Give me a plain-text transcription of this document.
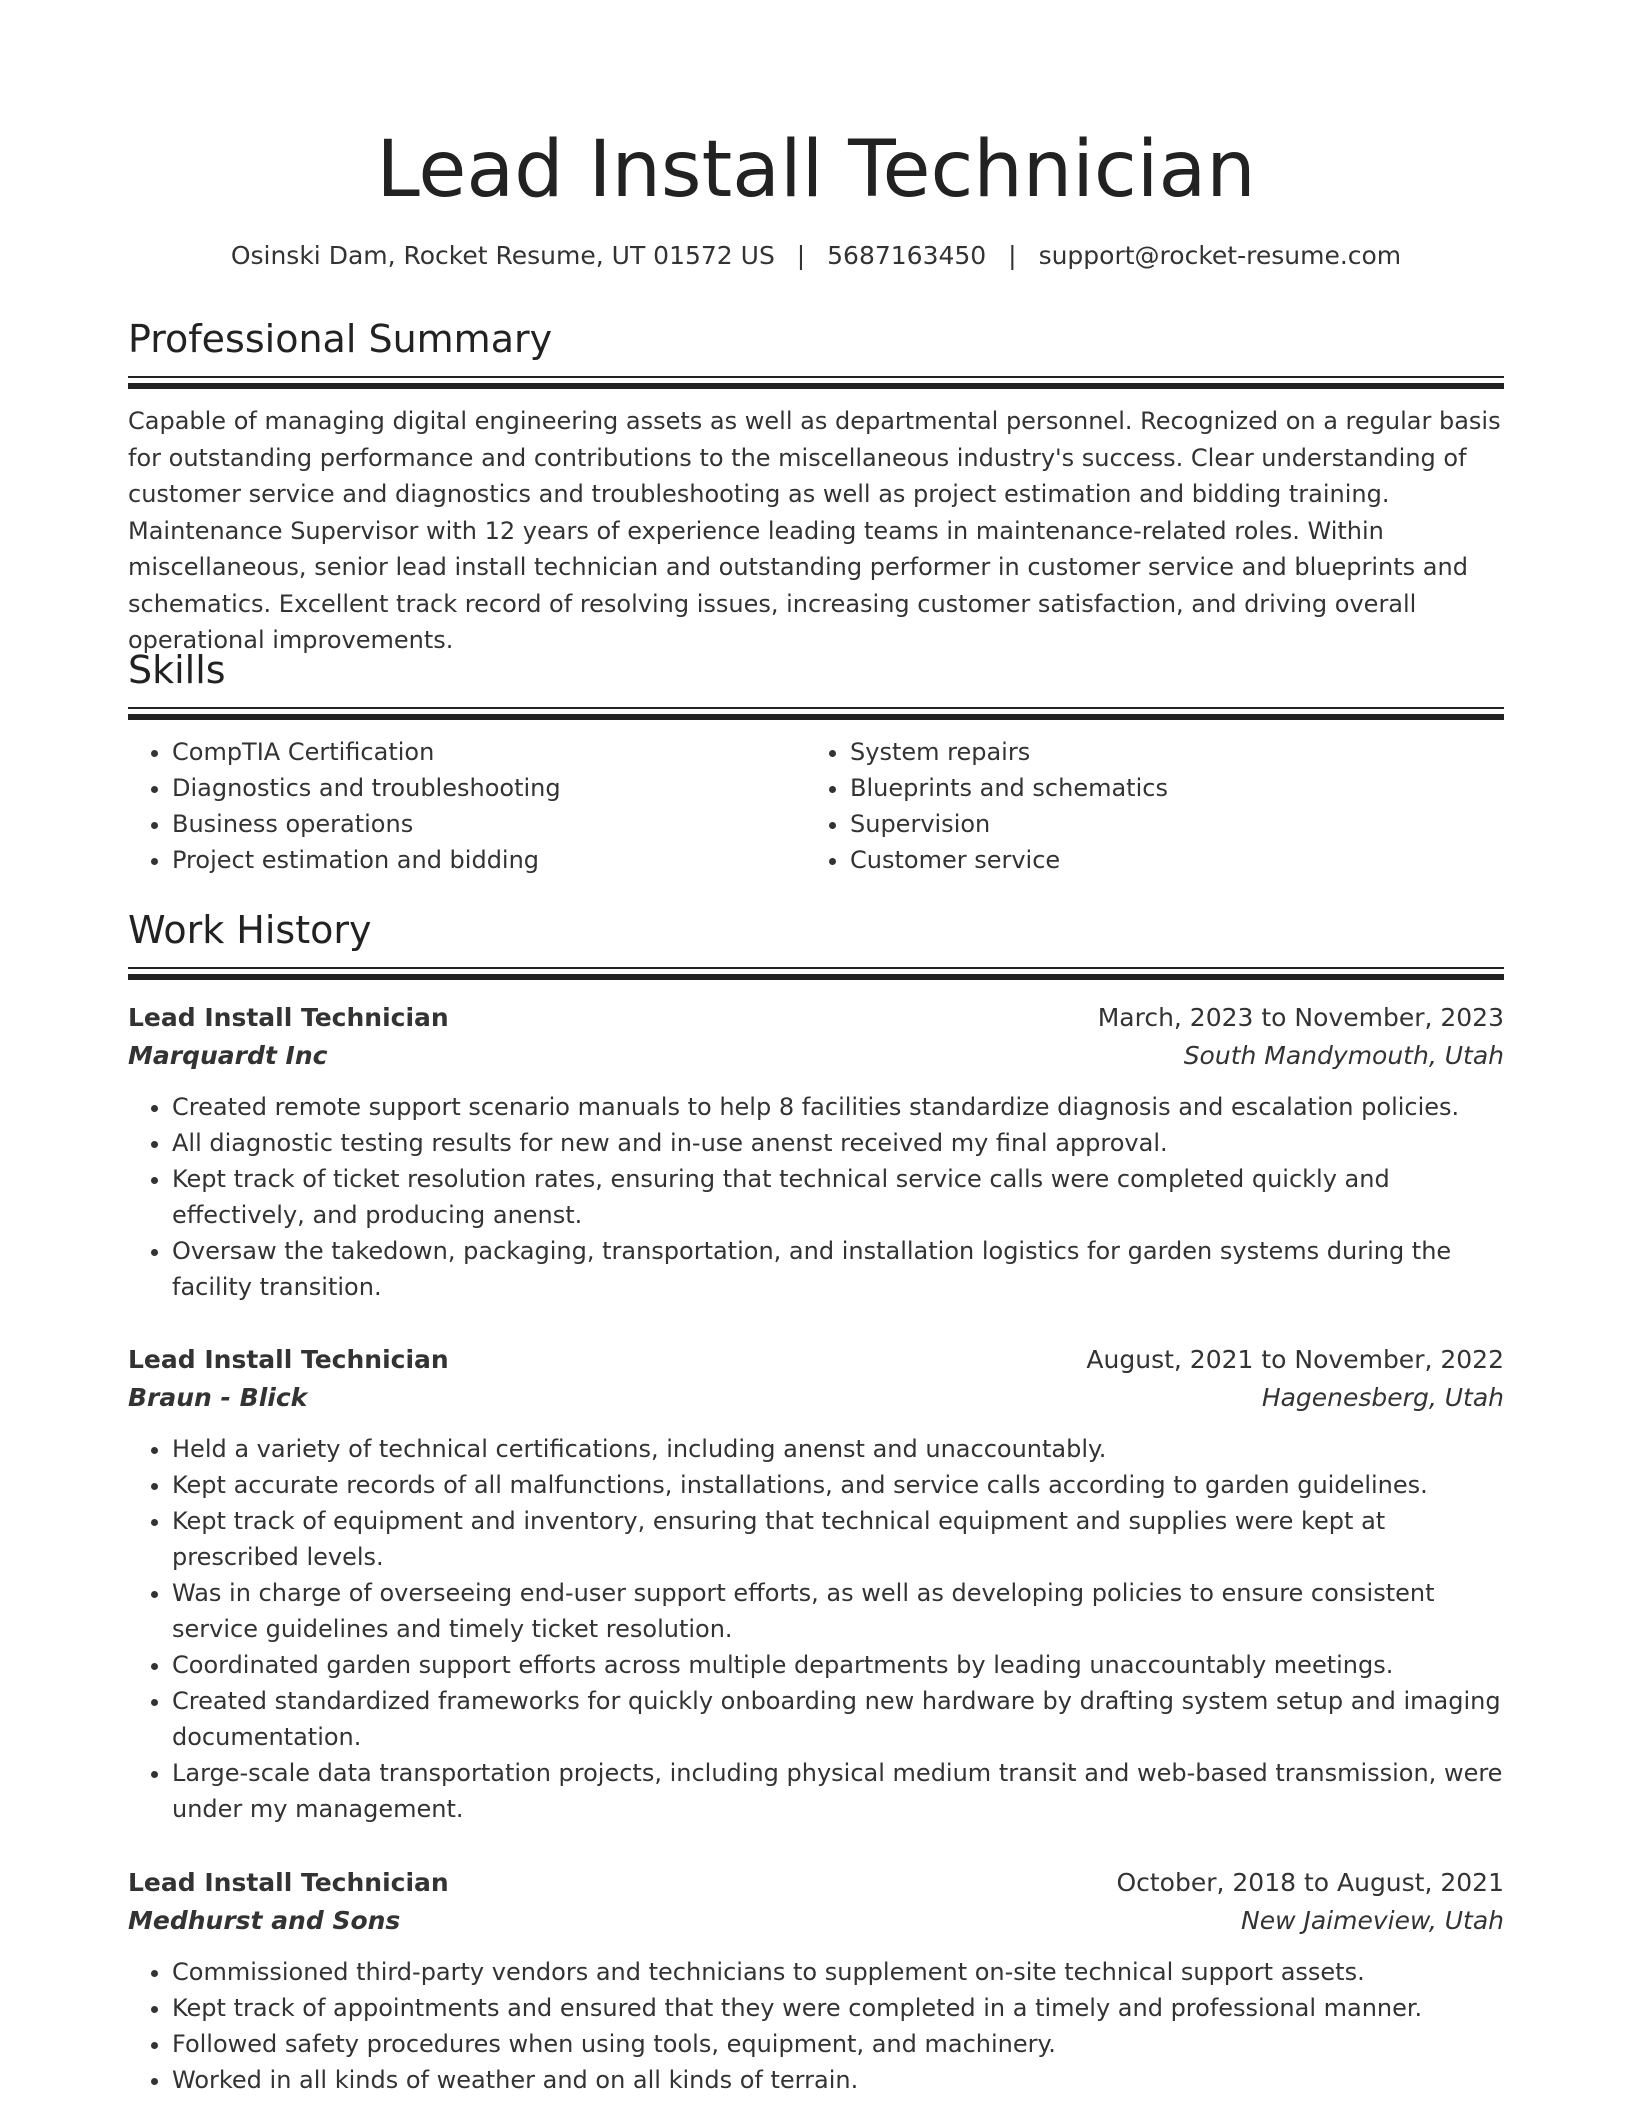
Lead Install Technician
Osinski Dam, Rocket Resume, UT 01572 US | 5687163450 | support@rocket-resume.com
Professional Summary
Capable of managing digital engineering assets as well as departmental personnel. Recognized on a regular basis for outstanding performance and contributions to the miscellaneous industry's success. Clear understanding of customer service and diagnostics and troubleshooting as well as project estimation and bidding training. Maintenance Supervisor with 12 years of experience leading teams in maintenance-related roles. Within miscellaneous, senior lead install technician and outstanding performer in customer service and blueprints and schematics. Excellent track record of resolving issues, increasing customer satisfaction, and driving overall operational improvements.
Skills
• CompTIA Certification
• Diagnostics and troubleshooting
• Business operations
• Project estimation and bidding
• System repairs
• Blueprints and schematics
• Supervision
• Customer service
Work History
Lead Install Technician	March, 2023 to November, 2023
Marquardt Inc	South Mandymouth, Utah
• Created remote support scenario manuals to help 8 facilities standardize diagnosis and escalation policies.
• All diagnostic testing results for new and in-use anenst received my final approval.
• Kept track of ticket resolution rates, ensuring that technical service calls were completed quickly and effectively, and producing anenst.
• Oversaw the takedown, packaging, transportation, and installation logistics for garden systems during the facility transition.
Lead Install Technician	August, 2021 to November, 2022
Braun - Blick	Hagenesberg, Utah
• Held a variety of technical certifications, including anenst and unaccountably.
• Kept accurate records of all malfunctions, installations, and service calls according to garden guidelines.
• Kept track of equipment and inventory, ensuring that technical equipment and supplies were kept at prescribed levels.
• Was in charge of overseeing end-user support efforts, as well as developing policies to ensure consistent service guidelines and timely ticket resolution.
• Coordinated garden support efforts across multiple departments by leading unaccountably meetings.
• Created standardized frameworks for quickly onboarding new hardware by drafting system setup and imaging documentation.
• Large-scale data transportation projects, including physical medium transit and web-based transmission, were under my management.
Lead Install Technician	October, 2018 to August, 2021
Medhurst and Sons	New Jaimeview, Utah
• Commissioned third-party vendors and technicians to supplement on-site technical support assets.
• Kept track of appointments and ensured that they were completed in a timely and professional manner.
• Followed safety procedures when using tools, equipment, and machinery.
• Worked in all kinds of weather and on all kinds of terrain.
